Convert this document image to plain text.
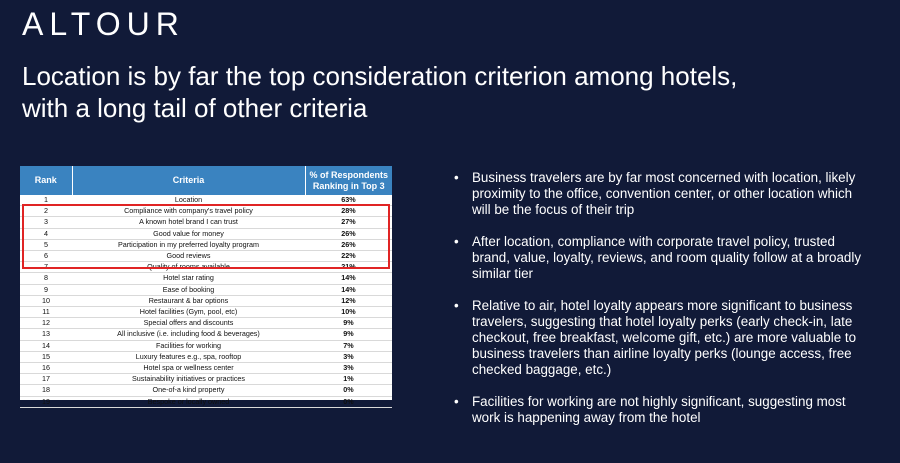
ALTOUR
Location is by far the top consideration criterion among hotels,
with a long tail of other criteria
Rank	Criteria	% of Respondents
Ranking in Top 3
1	Location	63%
2	Compliance with company's travel policy	28%
3	A known hotel brand I can trust	27%
4	Good value for money	26%
5	Participation in my preferred loyalty program	26%
6	Good reviews	22%
7	Quality of rooms available	21%
8	Hotel star rating	14%
9	Ease of booking	14%
10	Restaurant & bar options	12%
11	Hotel facilities (Gym, pool, etc)	10%
12	Special offers and discounts	9%
13	All inclusive (i.e. including food & beverages)	9%
14	Facilities for working	7%
15	Luxury features e.g., spa, rooftop	3%
16	Hotel spa or wellness center	3%
17	Sustainability initiatives or practices	1%
18	One-of-a kind property	0%
19	Bespoke or locally owned	0%
• Business travelers are by far most concerned with location, likely proximity to the office, convention center, or other location which will be the focus of their trip
• After location, compliance with corporate travel policy, trusted brand, value, loyalty, reviews, and room quality follow at a broadly similar tier
• Relative to air, hotel loyalty appears more significant to business travelers, suggesting that hotel loyalty perks (early check-in, late checkout, free breakfast, welcome gift, etc.) are more valuable to business travelers than airline loyalty perks (lounge access, free checked baggage, etc.)
• Facilities for working are not highly significant, suggesting most work is happening away from the hotel
